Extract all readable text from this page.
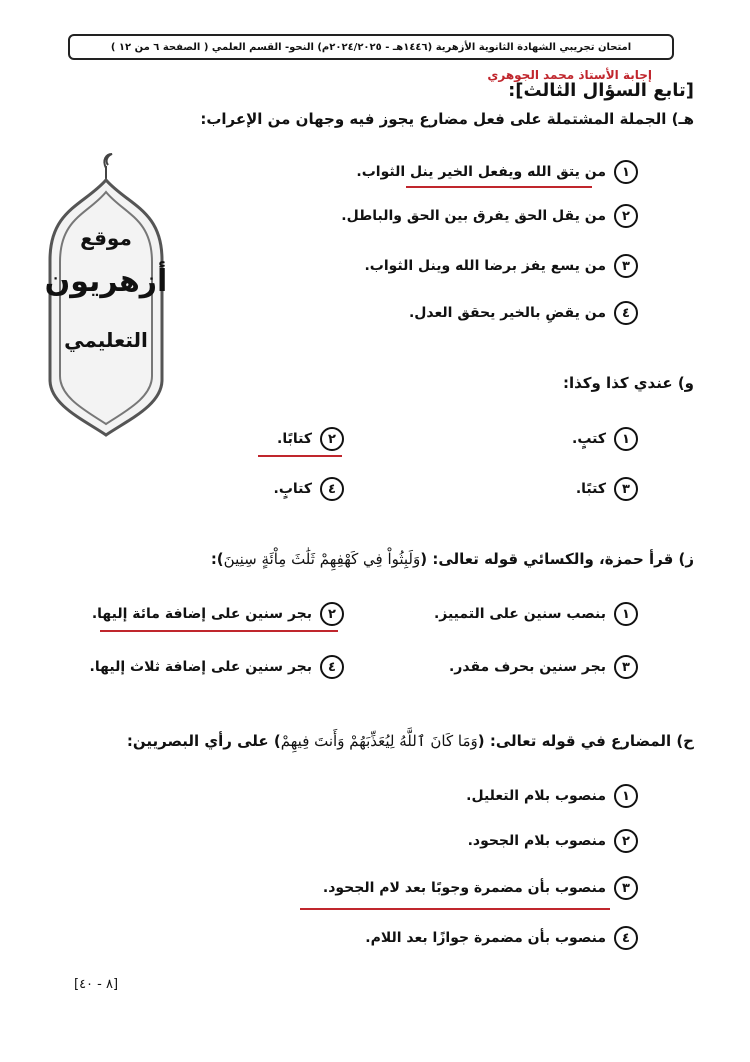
امتحان تجريبي الشهادة الثانوية الأزهرية (١٤٤٦هـ - ٢٠٢٤/٢٠٢٥م) النحو- القسم العلمي ( الصفحة ٦ من ١٢ )
إجابة الأستاذ محمد الجوهري
[تابع السؤال الثالث]:
موقع
أزهريون
التعليمي
هـ) الجملة المشتملة على فعل مضارع يجوز فيه وجهان من الإعراب:
١
من يتق الله ويفعل الخير ينل الثواب.
٢
من يقل الحق يفرق بين الحق والباطل.
٣
من يسع يفز برضا الله وينل الثواب.
٤
من يقضِ بالخير يحقق العدل.
و) عندي كذا وكذا:
١
كتبٍ.
٢
كتابًا.
٣
كتبًا.
٤
كتابٍ.
ز) قرأ حمزة، والكسائي قوله تعالى: (وَلَبِثُواْ فِي كَهْفِهِمْ ثَلَٰثَ مِاْئَةٍ سِنِينَ):
١
بنصب سنين على التمييز.
٢
بجر سنين على إضافة مائة إليها.
٣
بجر سنين بحرف مقدر.
٤
بجر سنين على إضافة ثلاث إليها.
ح) المضارع في قوله تعالى: (وَمَا كَانَ ٱللَّهُ لِيُعَذِّبَهُمْ وَأَنتَ فِيهِمْ) على رأي البصريين:
١
منصوب بلام التعليل.
٢
منصوب بلام الجحود.
٣
منصوب بأن مضمرة وجوبًا بعد لام الجحود.
٤
منصوب بأن مضمرة جوازًا بعد اللام.
[٨ - ٤٠]
